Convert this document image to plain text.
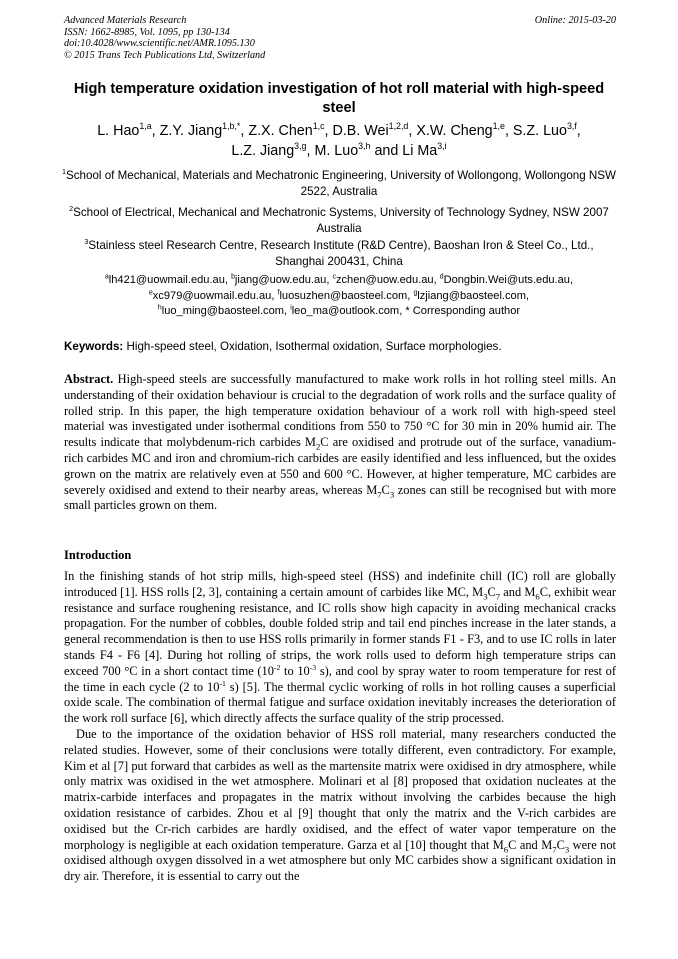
Advanced Materials Research
ISSN: 1662-8985, Vol. 1095, pp 130-134
doi:10.4028/www.scientific.net/AMR.1095.130
© 2015 Trans Tech Publications Ltd, Switzerland
Online: 2015-03-20
High temperature oxidation investigation of hot roll material with high-speed steel
L. Hao$^{1,a}$, Z.Y. Jiang$^{1,b,*}$, Z.X. Chen$^{1,c}$, D.B. Wei$^{1,2,d}$, X.W. Cheng$^{1,e}$, S.Z. Luo$^{3,f}$,
L.Z. Jiang$^{3,g}$, M. Luo$^{3,h}$ and Li Ma$^{3,i}$
$^1$School of Mechanical, Materials and Mechatronic Engineering, University of Wollongong, Wollongong NSW 2522, Australia
$^2$School of Electrical, Mechanical and Mechatronic Systems, University of Technology Sydney, NSW 2007 Australia
$^3$Stainless steel Research Centre, Research Institute (R&D Centre), Baoshan Iron & Steel Co., Ltd., Shanghai 200431, China
$^a$lh421@uowmail.edu.au, $^b$jiang@uow.edu.au, $^c$zchen@uow.edu.au, $^d$Dongbin.Wei@uts.edu.au,
$^e$xc979@uowmail.edu.au, $^f$luosuzhen@baosteel.com, $^g$lzjiang@baosteel.com,
$^h$luo_ming@baosteel.com, $^i$leo_ma@outlook.com, * Corresponding author
Keywords: High-speed steel, Oxidation, Isothermal oxidation, Surface morphologies.

Abstract. High-speed steels are successfully manufactured to make work rolls in hot rolling steel mills. An understanding of their oxidation behaviour is crucial to the degradation of work rolls and the surface quality of rolled strip. In this paper, the high temperature oxidation behaviour of a work roll with high-speed steel material was investigated under isothermal conditions from 550 to 750 °C for 30 min in 20% humid air. The results indicate that molybdenum-rich carbides $M_2C$ are oxidised and protrude out of the surface, vanadium-rich carbides MC and iron and chromium-rich carbides are easily identified and less influenced, but the oxides grown on the matrix are relatively even at 550 and 600 °C. However, at higher temperature, MC carbides are severely oxidised and extend to their nearby areas, whereas $M_7C_3$ zones can still be recognised but with more small particles grown on them.

Introduction

In the finishing stands of hot strip mills, high-speed steel (HSS) and indefinite chill (IC) roll are globally introduced [1]. HSS rolls [2, 3], containing a certain amount of carbides like MC, $M_3C_7$ and $M_6C$, exhibit wear resistance and surface roughening resistance, and IC rolls show high capacity in avoiding mechanical cracks propagation. For the number of cobbles, double folded strip and tail end pinches increase in the later stands, a general recommendation is then to use HSS rolls primarily in former stands F1 - F3, and to use IC rolls in later stands F4 - F6 [4]. During hot rolling of strips, the work rolls used to deform high temperature strips can exceed 700 °C in a short contact time ($10^{-2}$ to $10^{-3}$ s), and cool by spray water to room temperature for rest of the time in each cycle (2 to $10^{-1}$ s) [5]. The thermal cyclic working of rolls in hot rolling causes a superficial oxide scale. The combination of thermal fatigue and surface oxidation inevitably increases the deterioration of the work roll surface [6], which directly affects the surface quality of the strip processed.

Due to the importance of the oxidation behavior of HSS roll material, many researchers conducted the related studies. However, some of their conclusions were totally different, even contradictory. For example, Kim et al [7] put forward that carbides as well as the martensite matrix were oxidised in dry atmosphere, while only matrix was oxidised in the wet atmosphere. Molinari et al [8] proposed that oxidation nucleates at the matrix-carbide interfaces and propagates in the matrix without involving the carbides because the high oxidation resistance of carbides. Zhou et al [9] thought that only the matrix and the V-rich carbides are oxidised but the Cr-rich carbides are hardly oxidised, and the effect of water vapor temperature on the morphology is negligible at each oxidation temperature. Garza et al [10] thought that $M_6C$ and $M_7C_3$ were not oxidised although oxygen dissolved in a wet atmosphere but only MC carbides show a significant oxidation in dry air. Therefore, it is essential to carry out the
